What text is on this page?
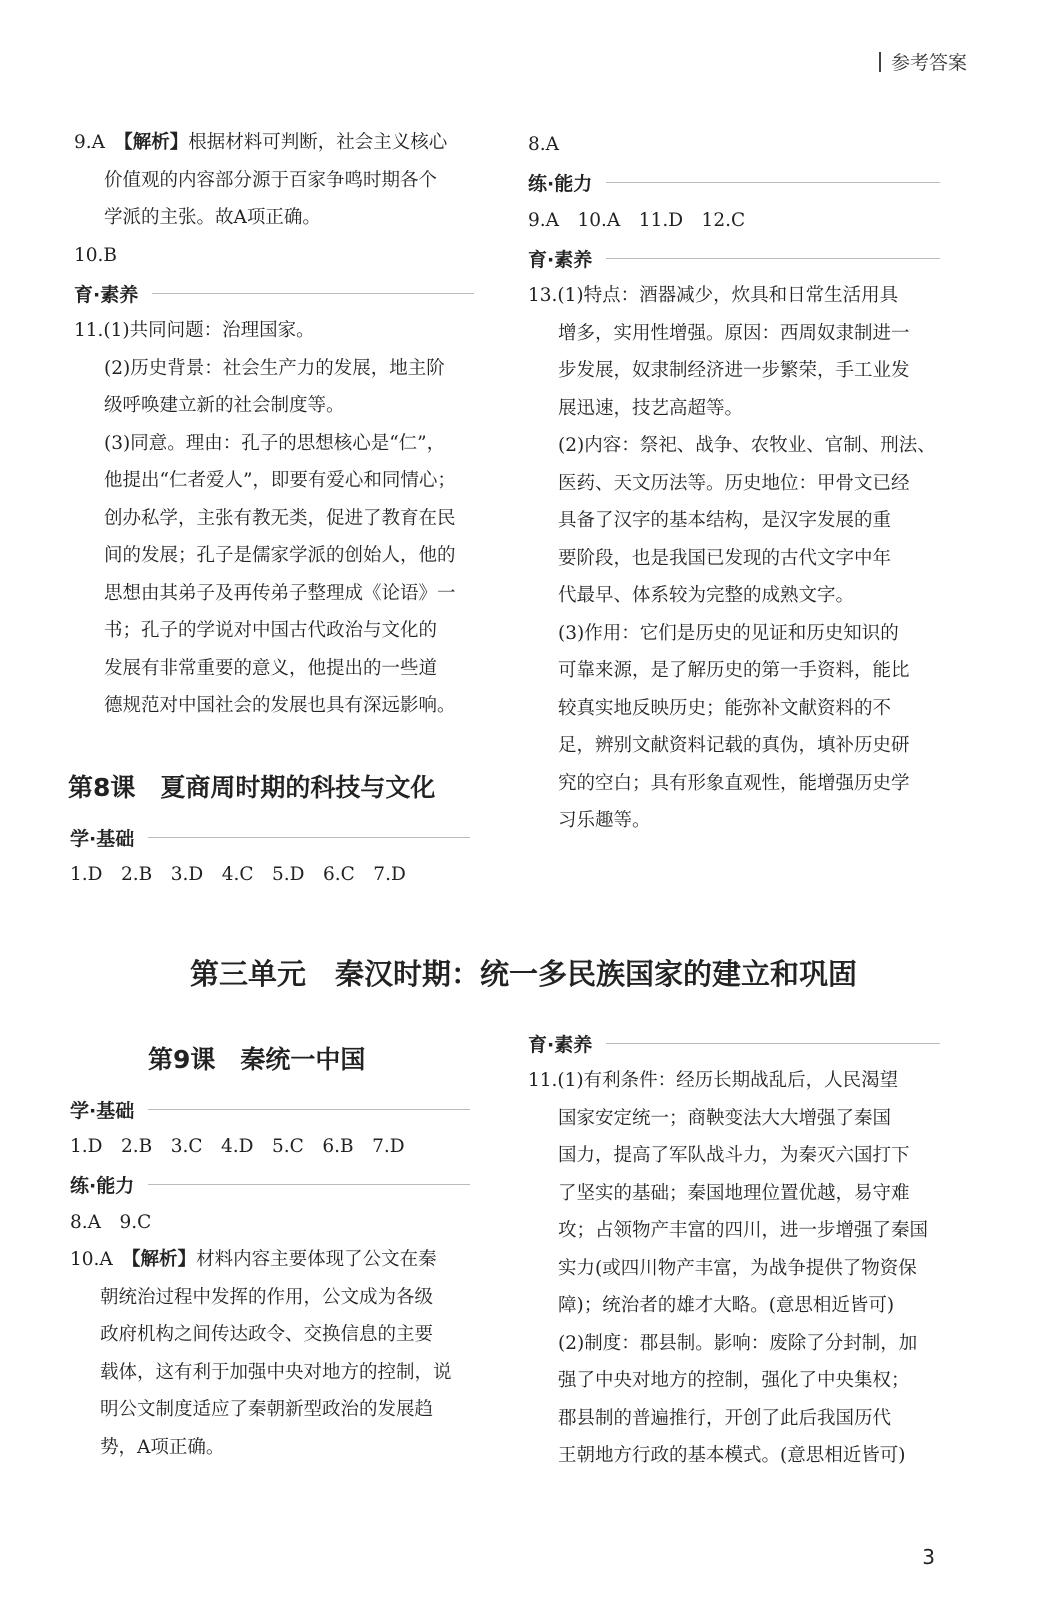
参考答案

9.A　【解析】根据材料可判断，社会主义核心

价值观的内容部分源于百家争鸣时期各个

学派的主张。故A项正确。

10.B

育·素养

11.(1)共同问题：治理国家。

(2)历史背景：社会生产力的发展，地主阶

级呼唤建立新的社会制度等。

(3)同意。理由：孔子的思想核心是“仁”，

他提出“仁者爱人”，即要有爱心和同情心；

创办私学，主张有教无类，促进了教育在民

间的发展；孔子是儒家学派的创始人，他的

思想由其弟子及再传弟子整理成《论语》一

书；孔子的学说对中国古代政治与文化的

发展有非常重要的意义，他提出的一些道

德规范对中国社会的发展也具有深远影响。

第8课　夏商周时期的科技与文化
学·基础

1.D　2.B　3.D　4.C　5.D　6.C　7.D

8.A

练·能力

9.A　10.A　11.D　12.C

育·素养

13.(1)特点：酒器减少，炊具和日常生活用具

增多，实用性增强。原因：西周奴隶制进一

步发展，奴隶制经济进一步繁荣，手工业发

展迅速，技艺高超等。

(2)内容：祭祀、战争、农牧业、官制、刑法、

医药、天文历法等。历史地位：甲骨文已经

具备了汉字的基本结构，是汉字发展的重

要阶段，也是我国已发现的古代文字中年

代最早、体系较为完整的成熟文字。

(3)作用：它们是历史的见证和历史知识的

可靠来源，是了解历史的第一手资料，能比

较真实地反映历史；能弥补文献资料的不

足，辨别文献资料记载的真伪，填补历史研

究的空白；具有形象直观性，能增强历史学

习乐趣等。

第三单元　秦汉时期：统一多民族国家的建立和巩固
第9课　秦统一中国
学·基础

1.D　2.B　3.C　4.D　5.C　6.B　7.D

练·能力

8.A　9.C

10.A　【解析】材料内容主要体现了公文在秦

朝统治过程中发挥的作用，公文成为各级

政府机构之间传达政令、交换信息的主要

载体，这有利于加强中央对地方的控制，说

明公文制度适应了秦朝新型政治的发展趋

势，A项正确。

育·素养

11.(1)有利条件：经历长期战乱后，人民渴望

国家安定统一；商鞅变法大大增强了秦国

国力，提高了军队战斗力，为秦灭六国打下

了坚实的基础；秦国地理位置优越，易守难

攻；占领物产丰富的四川，进一步增强了秦国

实力(或四川物产丰富，为战争提供了物资保

障)；统治者的雄才大略。(意思相近皆可)

(2)制度：郡县制。影响：废除了分封制，加

强了中央对地方的控制，强化了中央集权；

郡县制的普遍推行，开创了此后我国历代

王朝地方行政的基本模式。(意思相近皆可)

3
